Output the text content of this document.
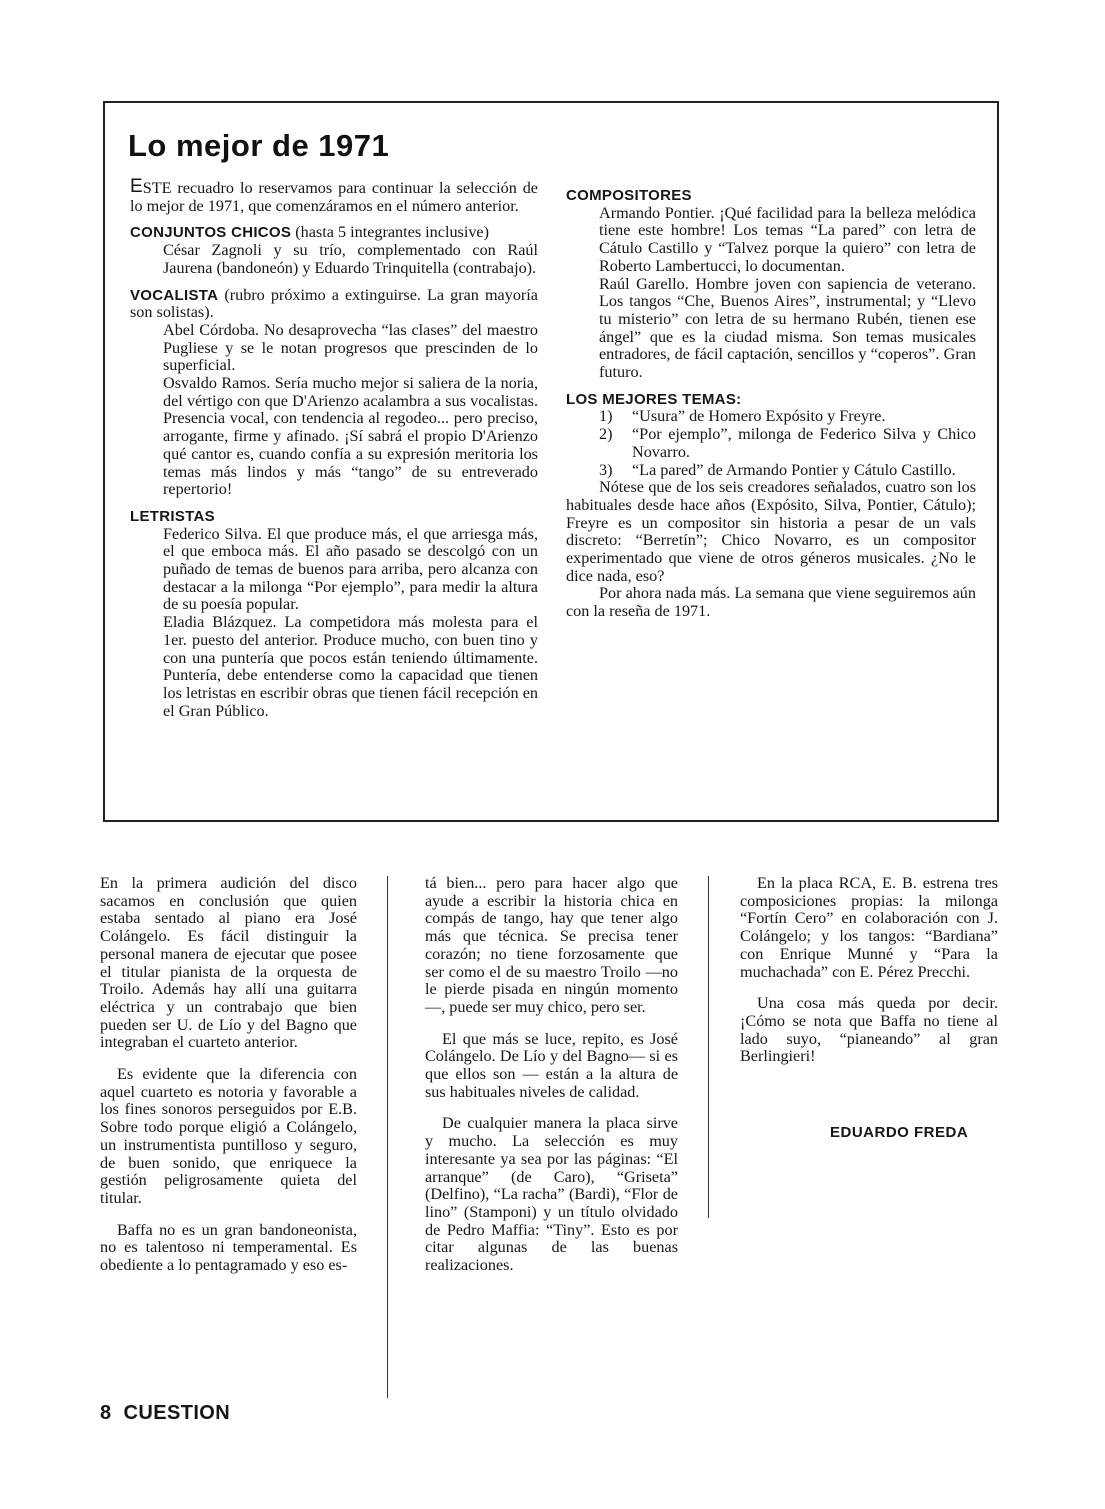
Lo mejor de 1971

ESTE recuadro lo reservamos para continuar la selección de lo mejor de 1971, que comenzáramos en el número anterior.

CONJUNTOS CHICOS (hasta 5 integrantes inclusive)

César Zagnoli y su trío, complementado con Raúl Jaurena (bandoneón) y Eduardo Trinquitella (contrabajo).

VOCALISTA (rubro próximo a extinguirse. La gran mayoría son solistas).

Abel Córdoba. No desaprovecha “las clases” del maestro Pugliese y se le notan progresos que prescinden de lo superficial.

Osvaldo Ramos. Sería mucho mejor si saliera de la noria, del vértigo con que D'Arienzo acalambra a sus vocalistas. Presencia vocal, con tendencia al regodeo... pero preciso, arrogante, firme y afinado. ¡Sí sabrá el propio D'Arienzo qué cantor es, cuando confía a su expresión meritoria los temas más lindos y más “tango” de su entreverado repertorio!

LETRISTAS

Federico Silva. El que produce más, el que arriesga más, el que emboca más. El año pasado se descolgó con un puñado de temas de buenos para arriba, pero alcanza con destacar a la milonga “Por ejemplo”, para medir la altura de su poesía popular.

Eladia Blázquez. La competidora más molesta para el 1er. puesto del anterior. Produce mucho, con buen tino y con una puntería que pocos están teniendo últimamente. Puntería, debe entenderse como la capacidad que tienen los letristas en escribir obras que tienen fácil recepción en el Gran Público.

COMPOSITORES

Armando Pontier. ¡Qué facilidad para la belleza melódica tiene este hombre! Los temas “La pared” con letra de Cátulo Castillo y “Talvez porque la quiero” con letra de Roberto Lambertucci, lo documentan.

Raúl Garello. Hombre joven con sapiencia de veterano. Los tangos “Che, Buenos Aires”, instrumental; y “Llevo tu misterio” con letra de su hermano Rubén, tienen ese ángel” que es la ciudad misma. Son temas musicales entradores, de fácil captación, sencillos y “coperos”. Gran futuro.

LOS MEJORES TEMAS:

1)	“Usura” de Homero Expósito y Freyre.
2)	“Por ejemplo”, milonga de Federico Silva y Chico Novarro.
3)	“La pared” de Armando Pontier y Cátulo Castillo.

Nótese que de los seis creadores señalados, cuatro son los habituales desde hace años (Expósito, Silva, Pontier, Cátulo); Freyre es un compositor sin historia a pesar de un vals discreto: “Berretín”; Chico Novarro, es un compositor experimentado que viene de otros géneros musicales. ¿No le dice nada, eso?

Por ahora nada más. La semana que viene seguiremos aún con la reseña de 1971.

En la primera audición del disco sacamos en conclusión que quien estaba sentado al piano era José Colángelo. Es fácil distinguir la personal manera de ejecutar que posee el titular pianista de la orquesta de Troilo. Además hay allí una guitarra eléctrica y un contrabajo que bien pueden ser U. de Lío y del Bagno que integraban el cuarteto anterior.

Es evidente que la diferencia con aquel cuarteto es notoria y favorable a los fines sonoros perseguidos por E.B. Sobre todo porque eligió a Colángelo, un instrumentista puntilloso y seguro, de buen sonido, que enriquece la gestión peligrosamente quieta del titular.

Baffa no es un gran bandoneonista, no es talentoso ni temperamental. Es obediente a lo pentagramado y eso es-

tá bien... pero para hacer algo que ayude a escribir la historia chica en compás de tango, hay que tener algo más que técnica. Se precisa tener corazón; no tiene forzosamente que ser como el de su maestro Troilo —no le pierde pisada en ningún momento—, puede ser muy chico, pero ser.

El que más se luce, repito, es José Colángelo. De Lío y del Bagno— si es que ellos son — están a la altura de sus habituales niveles de calidad.

De cualquier manera la placa sirve y mucho. La selección es muy interesante ya sea por las páginas: “El arranque” (de Caro), “Griseta” (Delfino), “La racha” (Bardi), “Flor de lino” (Stamponi) y un título olvidado de Pedro Maffia: “Tiny”. Esto es por citar algunas de las buenas realizaciones.

En la placa RCA, E. B. estrena tres composiciones propias: la milonga “Fortín Cero” en colaboración con J. Colángelo; y los tangos: “Bardiana” con Enrique Munné y “Para la muchachada” con E. Pérez Precchi.

Una cosa más queda por decir. ¡Cómo se nota que Baffa no tiene al lado suyo, “pianeando” al gran Berlingieri!

EDUARDO FREDA
8 CUESTION
